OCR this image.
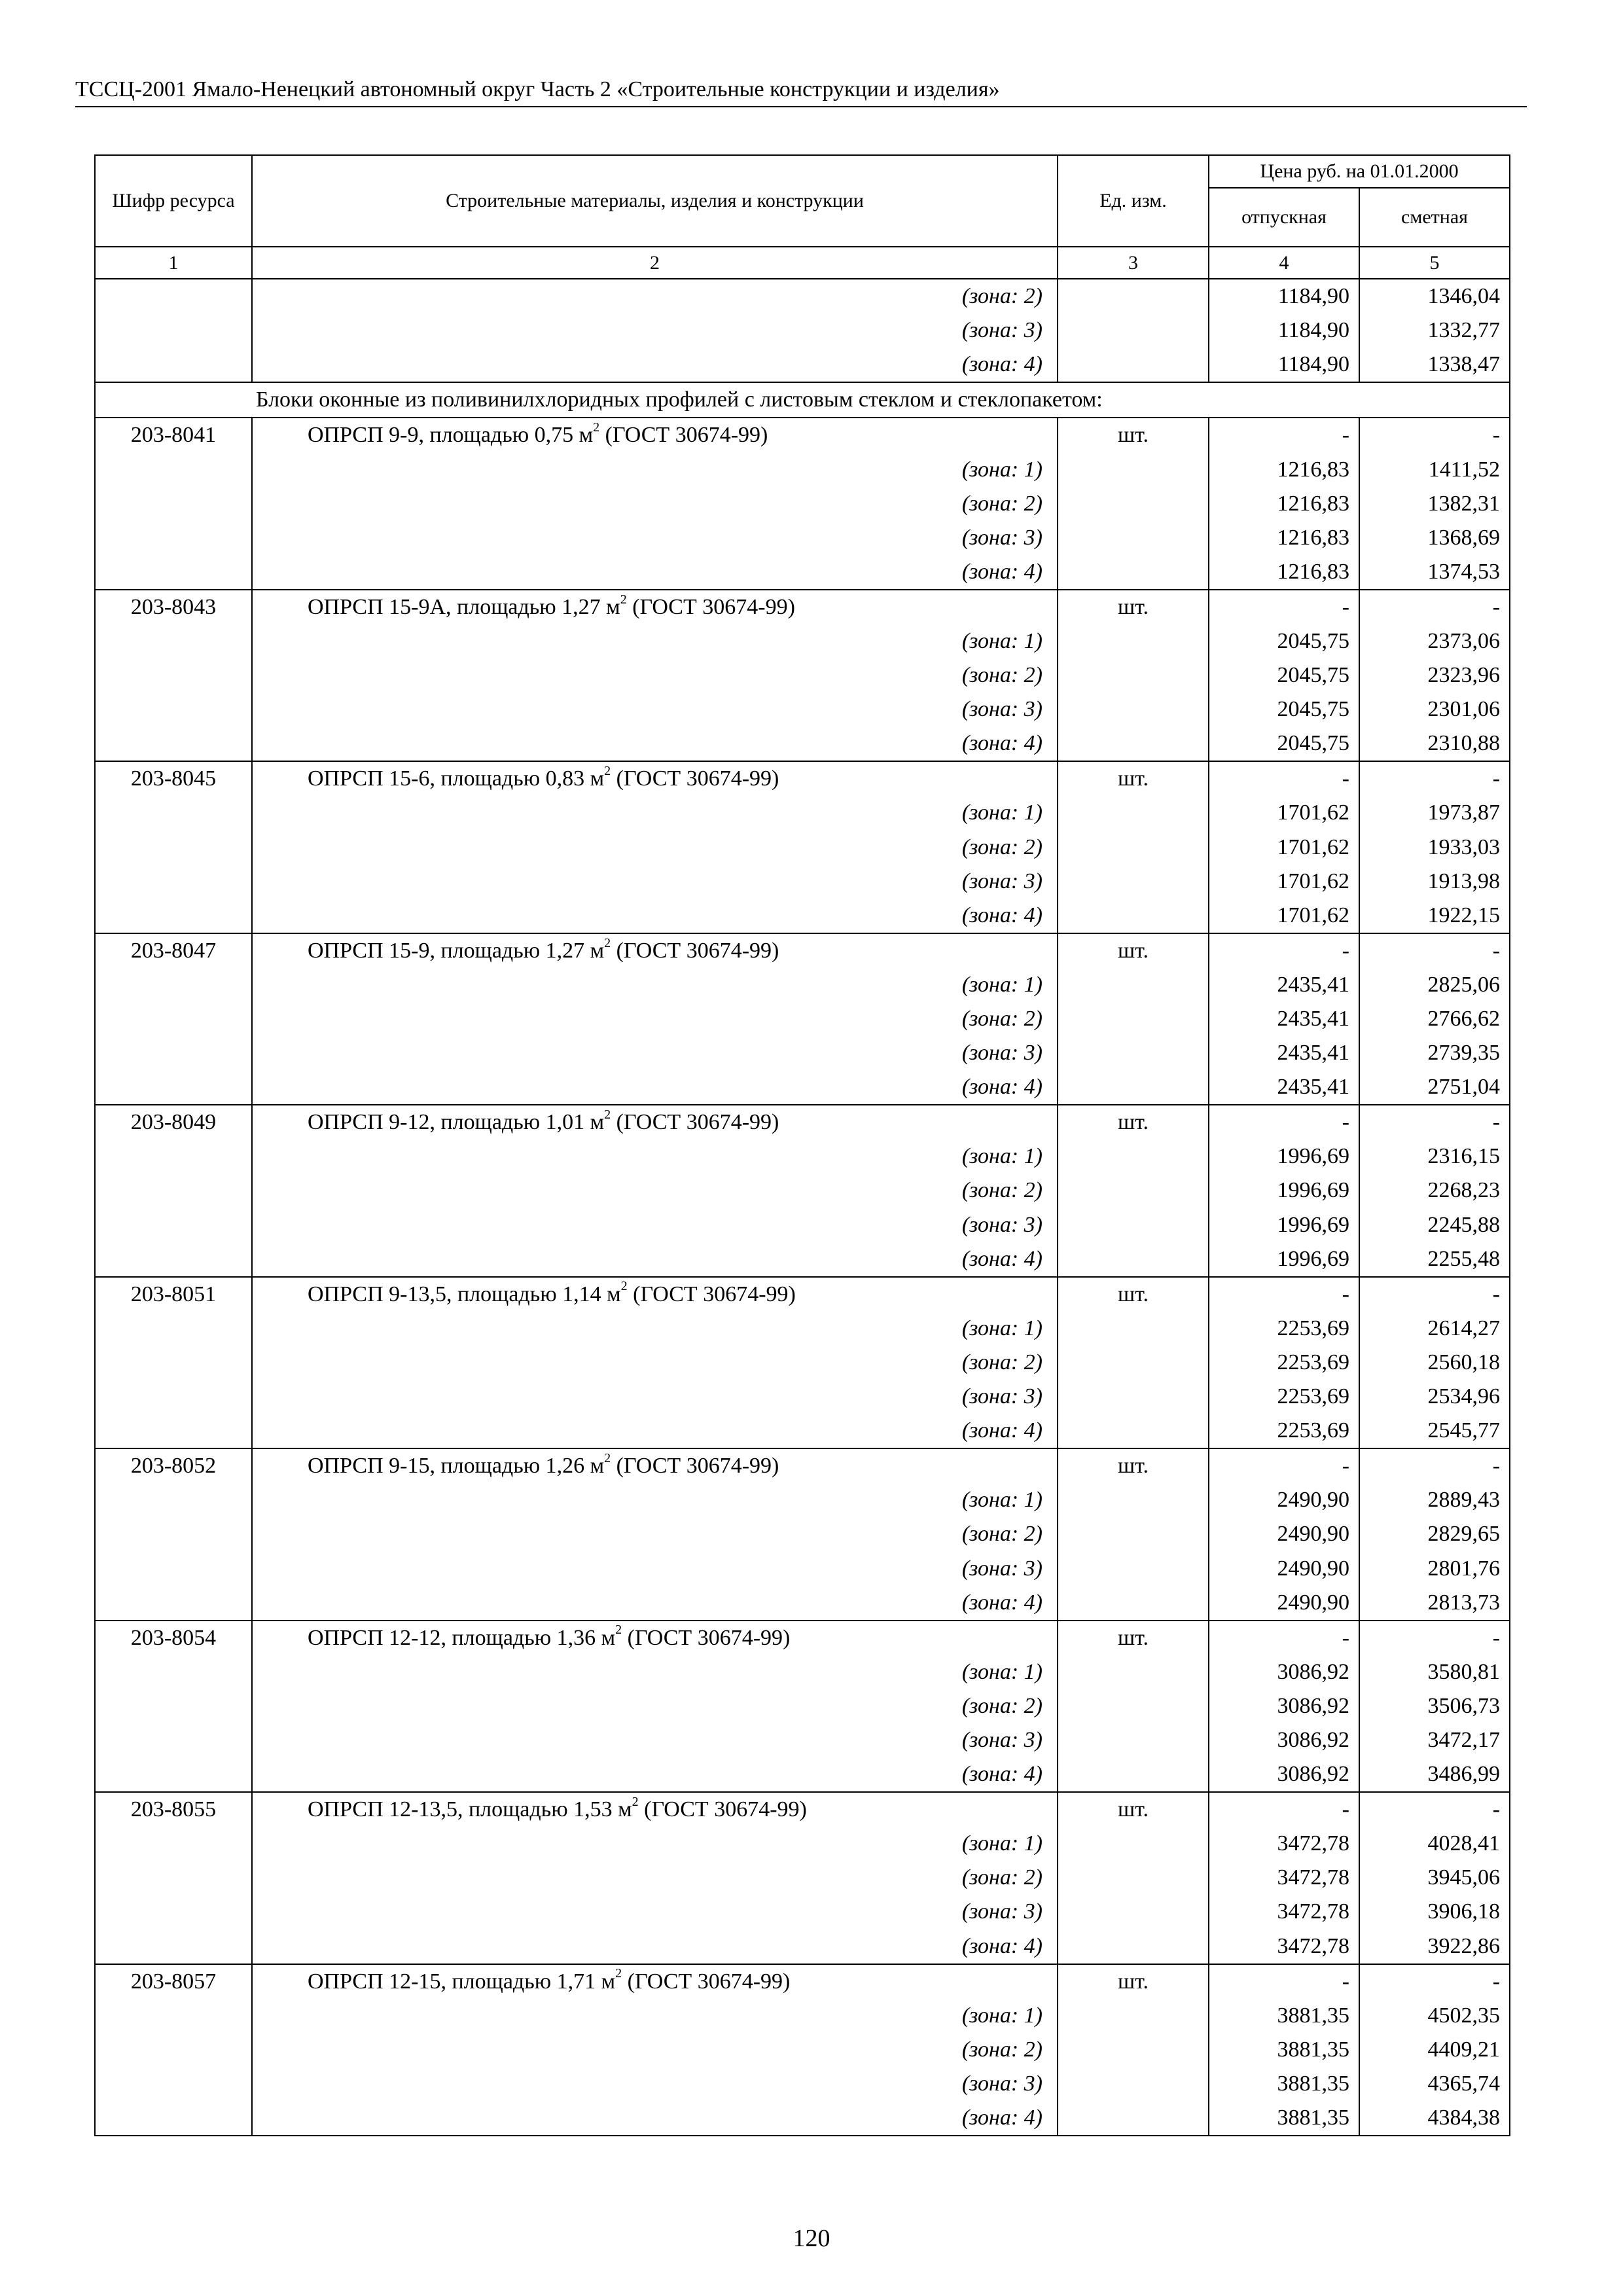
ТССЦ-2001 Ямало-Ненецкий автономный округ Часть 2 «Строительные конструкции и изделия»
Шифр ресурса	Строительные материалы, изделия и конструкции	Ед. изм.	Цена руб. на 01.01.2000	
			отпускная	сметная
1	2	3	4	5
	(зона: 2)		1184,90	1346,04
	(зона: 3)		1184,90	1332,77
	(зона: 4)		1184,90	1338,47
Блоки оконные из поливинилхлоридных профилей с листовым стеклом и стеклопакетом:				
203-8041	ОПРСП 9-9, площадью 0,75 $м^2$ (ГОСТ 30674-99)	шт.	-	-
	(зона: 1)		1216,83	1411,52
	(зона: 2)		1216,83	1382,31
	(зона: 3)		1216,83	1368,69
	(зона: 4)		1216,83	1374,53
203-8043	ОПРСП 15-9А, площадью 1,27 $м^2$ (ГОСТ 30674-99)	шт.	-	-
	(зона: 1)		2045,75	2373,06
	(зона: 2)		2045,75	2323,96
	(зона: 3)		2045,75	2301,06
	(зона: 4)		2045,75	2310,88
203-8045	ОПРСП 15-6, площадью 0,83 $м^2$ (ГОСТ 30674-99)	шт.	-	-
	(зона: 1)		1701,62	1973,87
	(зона: 2)		1701,62	1933,03
	(зона: 3)		1701,62	1913,98
	(зона: 4)		1701,62	1922,15
203-8047	ОПРСП 15-9, площадью 1,27 $м^2$ (ГОСТ 30674-99)	шт.	-	-
	(зона: 1)		2435,41	2825,06
	(зона: 2)		2435,41	2766,62
	(зона: 3)		2435,41	2739,35
	(зона: 4)		2435,41	2751,04
203-8049	ОПРСП 9-12, площадью 1,01 $м^2$ (ГОСТ 30674-99)	шт.	-	-
	(зона: 1)		1996,69	2316,15
	(зона: 2)		1996,69	2268,23
	(зона: 3)		1996,69	2245,88
	(зона: 4)		1996,69	2255,48
203-8051	ОПРСП 9-13,5, площадью 1,14 $м^2$ (ГОСТ 30674-99)	шт.	-	-
	(зона: 1)		2253,69	2614,27
	(зона: 2)		2253,69	2560,18
	(зона: 3)		2253,69	2534,96
	(зона: 4)		2253,69	2545,77
203-8052	ОПРСП 9-15, площадью 1,26 $м^2$ (ГОСТ 30674-99)	шт.	-	-
	(зона: 1)		2490,90	2889,43
	(зона: 2)		2490,90	2829,65
	(зона: 3)		2490,90	2801,76
	(зона: 4)		2490,90	2813,73
203-8054	ОПРСП 12-12, площадью 1,36 $м^2$ (ГОСТ 30674-99)	шт.	-	-
	(зона: 1)		3086,92	3580,81
	(зона: 2)		3086,92	3506,73
	(зона: 3)		3086,92	3472,17
	(зона: 4)		3086,92	3486,99
203-8055	ОПРСП 12-13,5, площадью 1,53 $м^2$ (ГОСТ 30674-99)	шт.	-	-
	(зона: 1)		3472,78	4028,41
	(зона: 2)		3472,78	3945,06
	(зона: 3)		3472,78	3906,18
	(зона: 4)		3472,78	3922,86
203-8057	ОПРСП 12-15, площадью 1,71 $м^2$ (ГОСТ 30674-99)	шт.	-	-
	(зона: 1)		3881,35	4502,35
	(зона: 2)		3881,35	4409,21
	(зона: 3)		3881,35	4365,74
	(зона: 4)		3881,35	4384,38
120
